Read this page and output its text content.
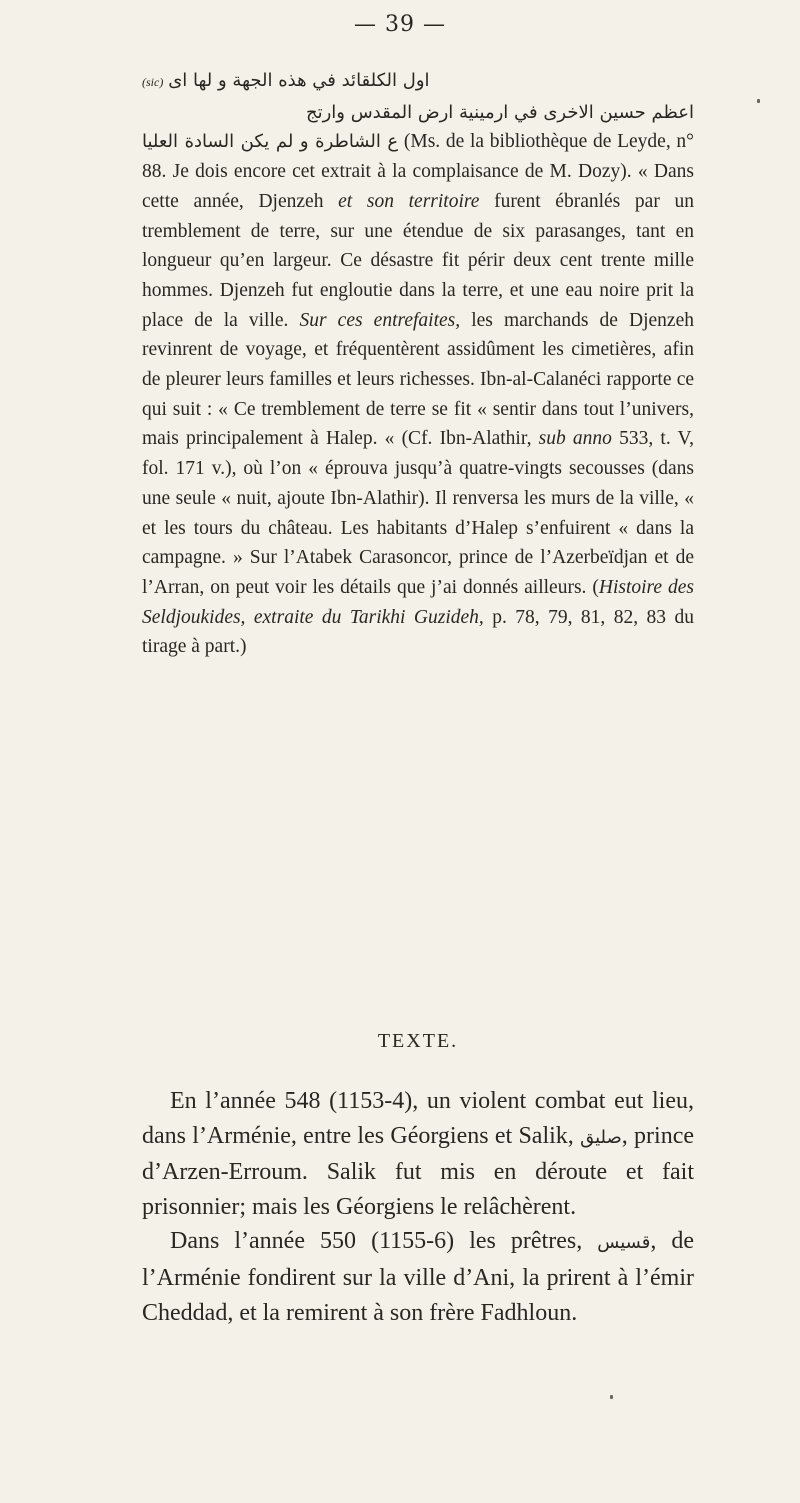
— 39 —

(sic) اول الكلقائد في هذه الجهة و لها اى

اعظم حسين الاخرى في ارمينية ارض المقدس وارتج

ع الشاطرة و لم يكن السادة العليا (Ms. de la bibliothèque de Leyde, n° 88. Je dois encore cet extrait à la complaisance de M. Dozy). « Dans cette année, Djenzeh et son territoire furent ébranlés par un tremblement de terre, sur une étendue de six parasanges, tant en longueur qu’en largeur. Ce désastre fit périr deux cent trente mille hommes. Djenzeh fut engloutie dans la terre, et une eau noire prit la place de la ville. Sur ces entrefaites, les marchands de Djenzeh revinrent de voyage, et fréquentèrent assidûment les cimetières, afin de pleurer leurs familles et leurs richesses. Ibn-al-Calanéci rapporte ce qui suit : « Ce tremblement de terre se fit « sentir dans tout l’univers, mais principalement à Halep. « (Cf. Ibn-Alathir, sub anno 533, t. V, fol. 171 v.), où l’on « éprouva jusqu’à quatre-vingts secousses (dans une seule « nuit, ajoute Ibn-Alathir). Il renversa les murs de la ville, « et les tours du château. Les habitants d’Halep s’enfuirent « dans la campagne. » Sur l’Atabek Carasoncor, prince de l’Azerbeïdjan et de l’Arran, on peut voir les détails que j’ai donnés ailleurs. (Histoire des Seldjoukides, extraite du Tarikhi Guzideh, p. 78, 79, 81, 82, 83 du tirage à part.)

TEXTE.

En l’année 548 (1153-4), un violent combat eut lieu, dans l’Arménie, entre les Géorgiens et Salik, صليق, prince d’Arzen-Erroum. Salik fut mis en déroute et fait prisonnier; mais les Géorgiens le relâchèrent.

Dans l’année 550 (1155-6) les prêtres, قسيس, de l’Arménie fondirent sur la ville d’Ani, la prirent à l’émir Cheddad, et la remirent à son frère Fadhloun.
